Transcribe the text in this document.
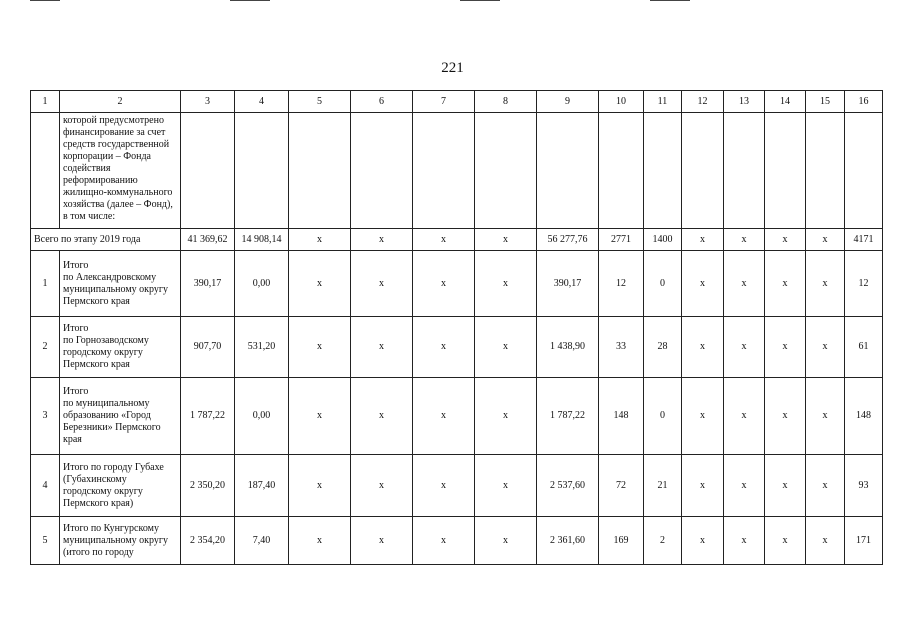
221
1	2	3	4	5	6	7	8	9	10	11	12	13	14	15	16
	которой предусмотрено финансирование за счет средств государственной корпорации – Фонда содействия реформированию жилищно-коммунального хозяйства (далее – Фонд), в том числе:														
Всего по этапу 2019 года		41 369,62	14 908,14	x	x	x	x	56 277,76	2771	1400	x	x	x	x	4171
1	Итого
по Александровскому муниципальному округу Пермского края	390,17	0,00	x	x	x	x	390,17	12	0	x	x	x	x	12
2	Итого
по Горнозаводскому городскому округу Пермского края	907,70	531,20	x	x	x	x	1 438,90	33	28	x	x	x	x	61
3	Итого
по муниципальному образованию «Город Березники» Пермского края	1 787,22	0,00	x	x	x	x	1 787,22	148	0	x	x	x	x	148
4	Итого по городу Губахе (Губахинскому городскому округу Пермского края)	2 350,20	187,40	x	x	x	x	2 537,60	72	21	x	x	x	x	93
5	Итого по Кунгурскому муниципальному округу (итого по городу	2 354,20	7,40	x	x	x	x	2 361,60	169	2	x	x	x	x	171
